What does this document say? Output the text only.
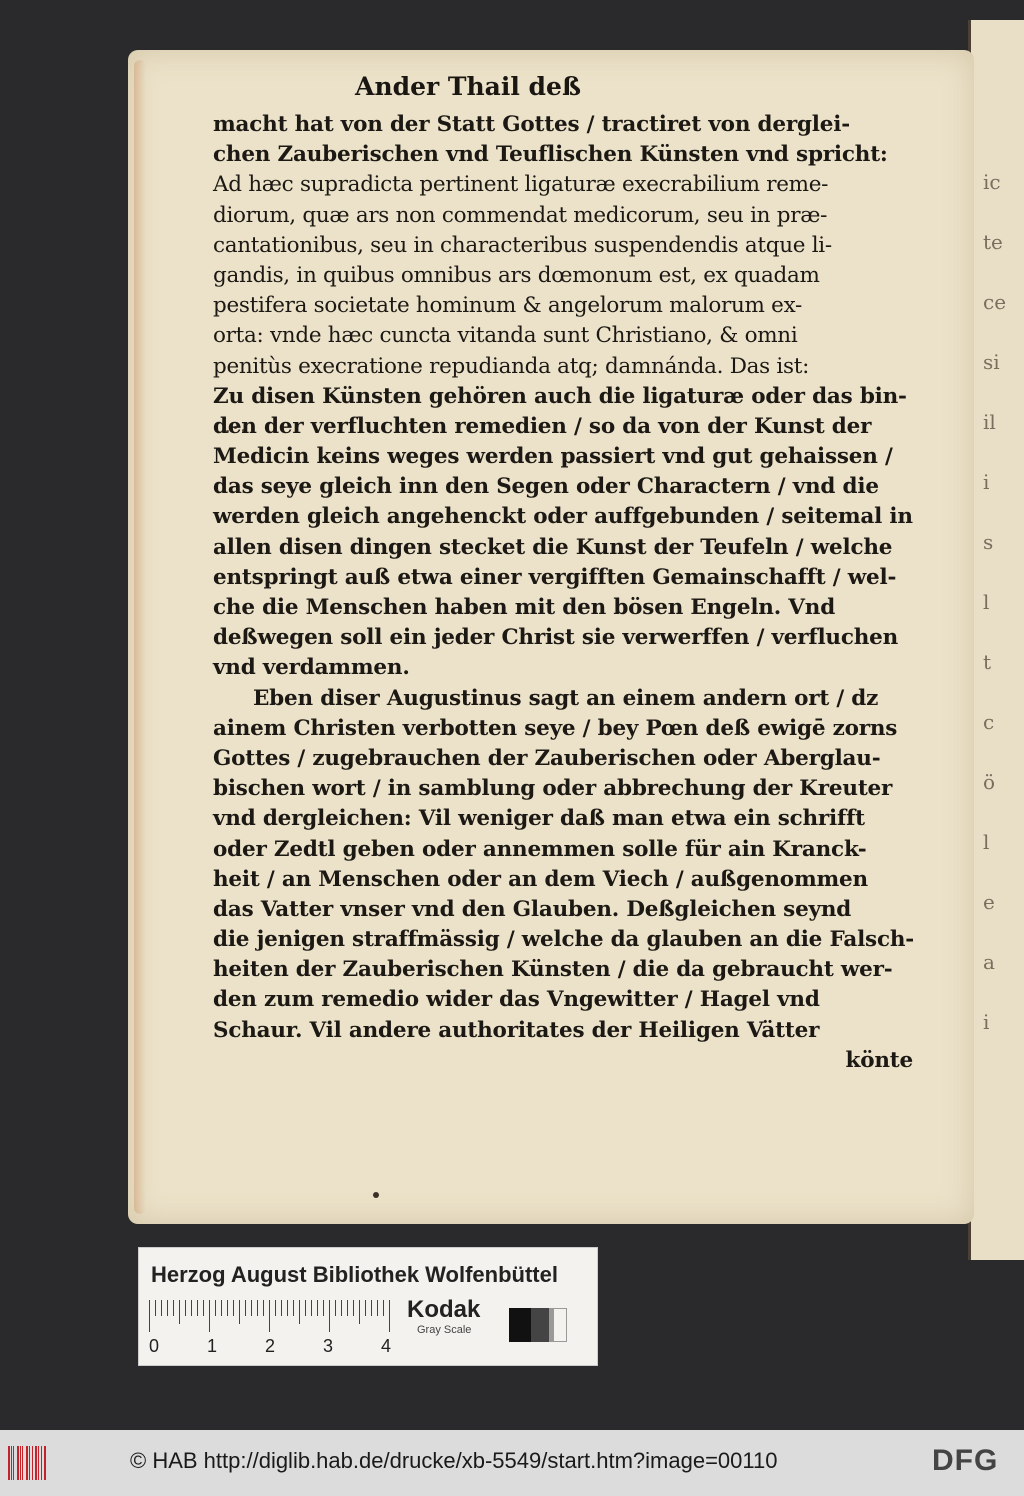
ic
te
ce
si
il
i
s
l
t
c
ö
l
e
a
i
Ander Thail deß
macht hat von der Statt Gottes / tractiret von derglei-
chen Zauberischen vnd Teuflischen Künsten vnd spricht:
Ad hæc supradicta pertinent ligaturæ execrabilium reme-
diorum, quæ ars non commendat medicorum, seu in præ-
cantationibus, seu in characteribus suspendendis atque li-
gandis, in quibus omnibus ars dœmonum est, ex quadam
pestifera societate hominum & angelorum malorum ex-
orta: vnde hæc cuncta vitanda sunt Christiano, & omni
penitùs execratione repudianda atq; damnánda. Das ist:
Zu disen Künsten gehören auch die ligaturæ oder das bin-
den der verfluchten remedien / so da von der Kunst der
Medicin keins weges werden passiert vnd gut gehaissen /
das seye gleich inn den Segen oder Charactern / vnd die
werden gleich angehenckt oder auffgebunden / seitemal in
allen disen dingen stecket die Kunst der Teufeln / welche
entspringt auß etwa einer vergifften Gemainschafft / wel-
che die Menschen haben mit den bösen Engeln. Vnd
deßwegen soll ein jeder Christ sie verwerffen / verfluchen
vnd verdammen.
Eben diser Augustinus sagt an einem andern ort / dz
ainem Christen verbotten seye / bey Pœn deß ewigē zorns
Gottes / zugebrauchen der Zauberischen oder Aberglau-
bischen wort / in samblung oder abbrechung der Kreuter
vnd dergleichen: Vil weniger daß man etwa ein schrifft
oder Zedtl geben oder annemmen solle für ain Kranck-
heit / an Menschen oder an dem Viech / außgenommen
das Vatter vnser vnd den Glauben. Deßgleichen seynd
die jenigen straffmässig / welche da glauben an die Falsch-
heiten der Zauberischen Künsten / die da gebraucht wer-
den zum remedio wider das Vngewitter / Hagel vnd
Schaur. Vil andere authoritates der Heiligen Vätter
könte
Herzog August Bibliothek Wolfenbüttel
0	1	2	3	4
Kodak
Gray Scale
© HAB http://diglib.hab.de/drucke/xb-5549/start.htm?image=00110	DFG
